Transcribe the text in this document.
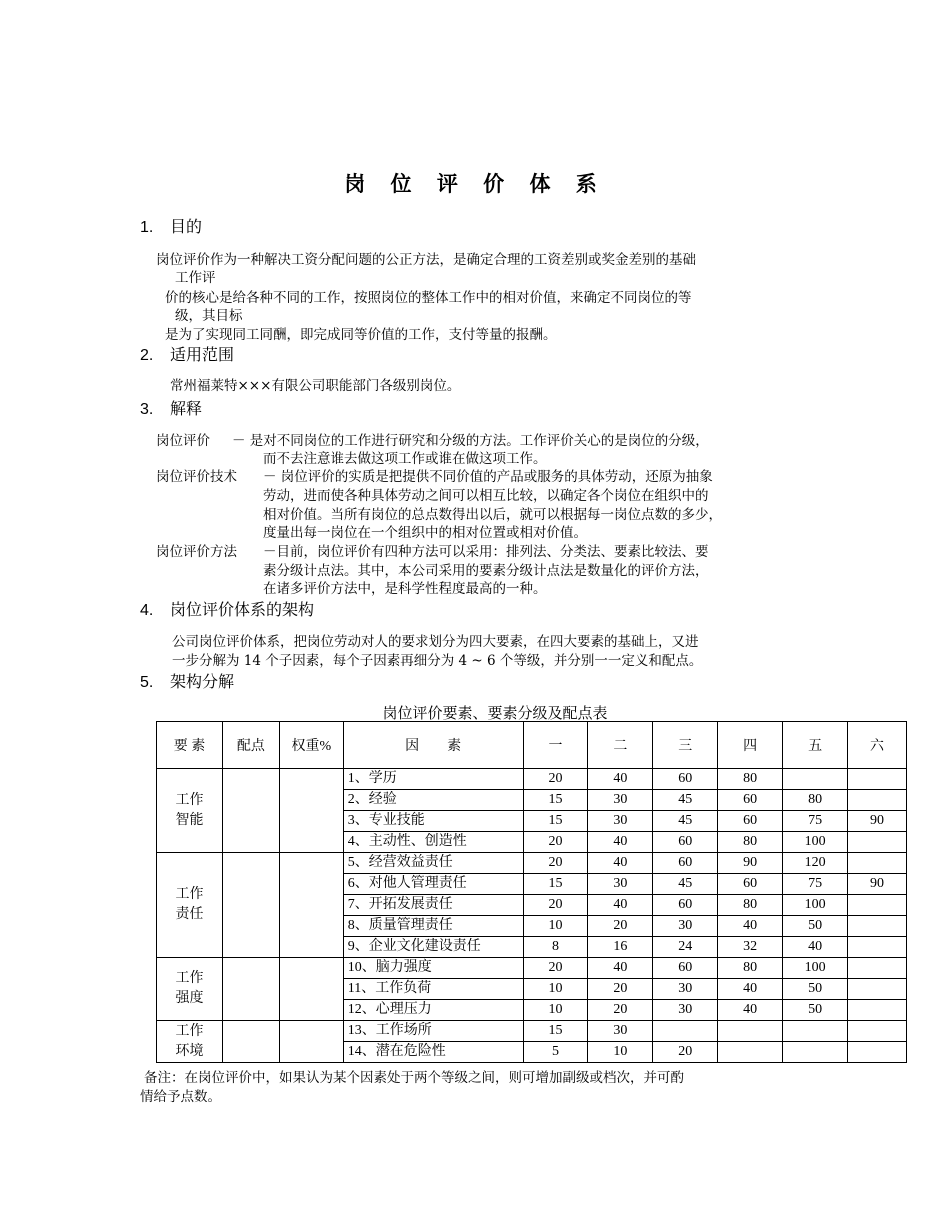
岗 位 评 价 体 系
1. 目的
岗位评价作为一种解决工资分配问题的公正方法，是确定合理的工资差别或奖金差别的基础
工作评
价的核心是给各种不同的工作，按照岗位的整体工作中的相对价值，来确定不同岗位的等
级，其目标
是为了实现同工同酬，即完成同等价值的工作，支付等量的报酬。
2. 适用范围
常州福莱特×××有限公司职能部门各级别岗位。
3. 解释
岗位评价 － 是对不同岗位的工作进行研究和分级的方法。工作评价关心的是岗位的分级，
而不去注意谁去做这项工作或谁在做这项工作。
岗位评价技术 － 岗位评价的实质是把提供不同价值的产品或服务的具体劳动，还原为抽象
劳动，进而使各种具体劳动之间可以相互比较，以确定各个岗位在组织中的
相对价值。当所有岗位的总点数得出以后，就可以根据每一岗位点数的多少，
度量出每一岗位在一个组织中的相对位置或相对价值。
岗位评价方法 －目前，岗位评价有四种方法可以采用：排列法、分类法、要素比较法、要
素分级计点法。其中，本公司采用的要素分级计点法是数量化的评价方法，
在诸多评价方法中，是科学性程度最高的一种。
4. 岗位评价体系的架构
公司岗位评价体系，把岗位劳动对人的要求划分为四大要素，在四大要素的基础上，又进
一步分解为 14 个子因素，每个子因素再细分为 4 ~ 6 个等级，并分别一一定义和配点。
5. 架构分解
岗位评价要素、要素分级及配点表
要 素	配点	权重%	因　　素	一	二	三	四	五	六

工作
智能			1、学历	20	40	60	80		
			2、经验	15	30	45	60	80	
			3、专业技能	15	30	45	60	75	90
			4、主动性、创造性	20	40	60	80	100	

工作
责任			5、经营效益责任	20	40	60	90	120	
			6、对他人管理责任	15	30	45	60	75	90
			7、开拓发展责任	20	40	60	80	100	
			8、质量管理责任	10	20	30	40	50	
			9、企业文化建设责任	8	16	24	32	40	

工作
强度			10、脑力强度	20	40	60	80	100	
			11、工作负荷	10	20	30	40	50	
			12、心理压力	10	20	30	40	50	

工作
环境			13、工作场所	15	30				
			14、潜在危险性	5	10	20			
备注：在岗位评价中，如果认为某个因素处于两个等级之间，则可增加副级或档次，并可酌
情给予点数。
